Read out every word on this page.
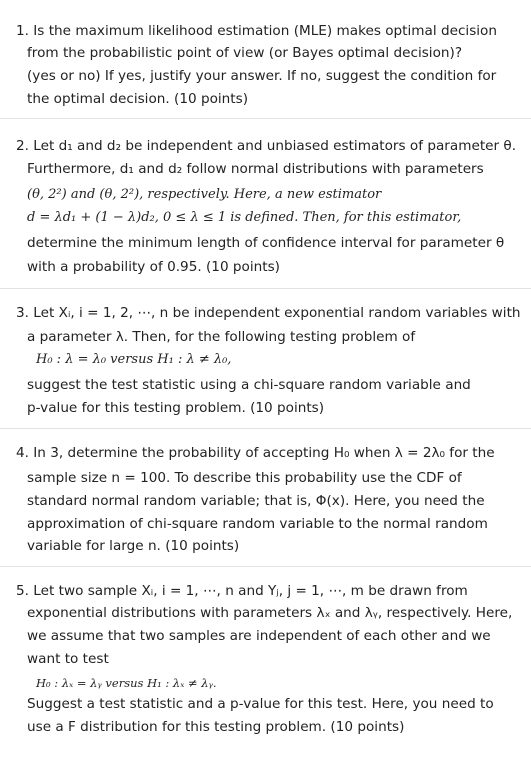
1. Is the maximum likelihood estimation (MLE) makes optimal decision
from the probabilistic point of view (or Bayes optimal decision)?
(yes or no) If yes, justify your answer. If no, suggest the condition for
the optimal decision. (10 points)
2. Let d₁ and d₂ be independent and unbiased estimators of parameter θ.
Furthermore, d₁ and d₂ follow normal distributions with parameters
(θ, 2²) and (θ, 2²), respectively. Here, a new estimator
d = λd₁ + (1 − λ)d₂, 0 ≤ λ ≤ 1 is defined. Then, for this estimator,
determine the minimum length of confidence interval for parameter θ
with a probability of 0.95. (10 points)
3. Let Xᵢ, i = 1, 2, ⋯, n be independent exponential random variables with
a parameter λ. Then, for the following testing problem of
H₀ : λ = λ₀ versus H₁ : λ ≠ λ₀,
suggest the test statistic using a chi-square random variable and
p-value for this testing problem. (10 points)
4. In 3, determine the probability of accepting H₀ when λ = 2λ₀ for the
sample size n = 100. To describe this probability use the CDF of
standard normal random variable; that is, Φ(x). Here, you need the
approximation of chi-square random variable to the normal random
variable for large n. (10 points)
5. Let two sample Xᵢ, i = 1, ⋯, n and Yⱼ, j = 1, ⋯, m be drawn from
exponential distributions with parameters λₓ and λᵧ, respectively. Here,
we assume that two samples are independent of each other and we
want to test
H₀ : λₓ = λᵧ versus H₁ : λₓ ≠ λᵧ.
Suggest a test statistic and a p-value for this test. Here, you need to
use a F distribution for this testing problem. (10 points)
